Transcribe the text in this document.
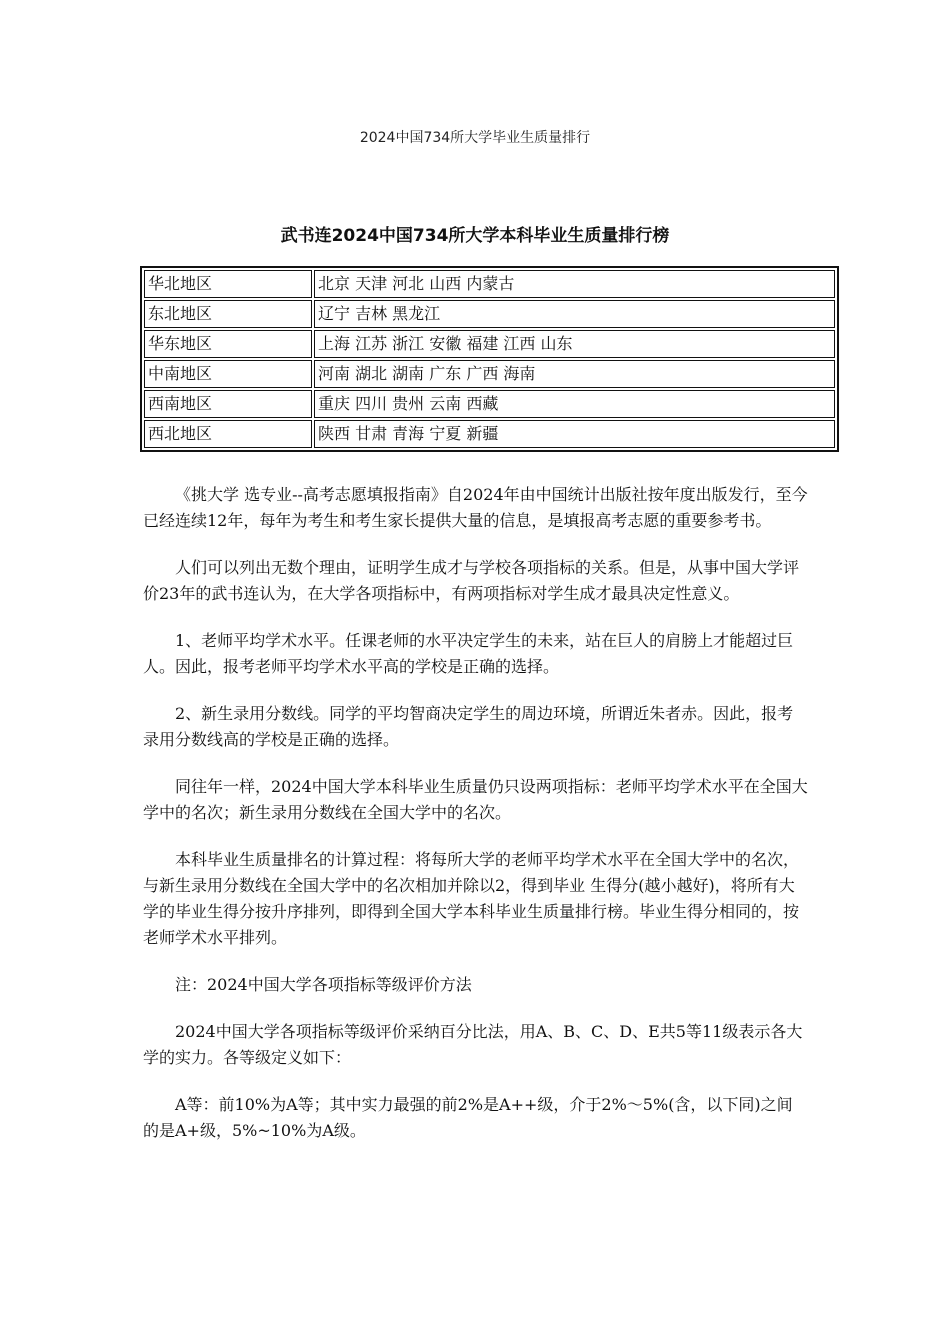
2024中国734所大学毕业生质量排行
武书连2024中国734所大学本科毕业生质量排行榜
华北地区	北京 天津 河北 山西 内蒙古
东北地区	辽宁 吉林 黑龙江
华东地区	上海 江苏 浙江 安徽 福建 江西 山东
中南地区	河南 湖北 湖南 广东 广西 海南
西南地区	重庆 四川 贵州 云南 西藏
西北地区	陕西 甘肃 青海 宁夏 新疆

《挑大学 选专业--高考志愿填报指南》自2024年由中国统计出版社按年度出版发行，至今已经连续12年，每年为考生和考生家长提供大量的信息，是填报高考志愿的重要参考书。

人们可以列出无数个理由，证明学生成才与学校各项指标的关系。但是，从事中国大学评价23年的武书连认为，在大学各项指标中，有两项指标对学生成才最具决定性意义。

1、老师平均学术水平。任课老师的水平决定学生的未来，站在巨人的肩膀上才能超过巨人。因此，报考老师平均学术水平高的学校是正确的选择。

2、新生录用分数线。同学的平均智商决定学生的周边环境，所谓近朱者赤。因此，报考录用分数线高的学校是正确的选择。

同往年一样，2024中国大学本科毕业生质量仍只设两项指标：老师平均学术水平在全国大学中的名次；新生录用分数线在全国大学中的名次。

本科毕业生质量排名的计算过程：将每所大学的老师平均学术水平在全国大学中的名次，与新生录用分数线在全国大学中的名次相加并除以2，得到毕业 生得分(越小越好)，将所有大学的毕业生得分按升序排列，即得到全国大学本科毕业生质量排行榜。毕业生得分相同的，按老师学术水平排列。

注：2024中国大学各项指标等级评价方法

2024中国大学各项指标等级评价采纳百分比法，用A、B、C、D、E共5等11级表示各大学的实力。各等级定义如下：

A等：前10%为A等；其中实力最强的前2%是A++级，介于2%～5%(含，以下同)之间的是A+级，5%~10%为A级。
